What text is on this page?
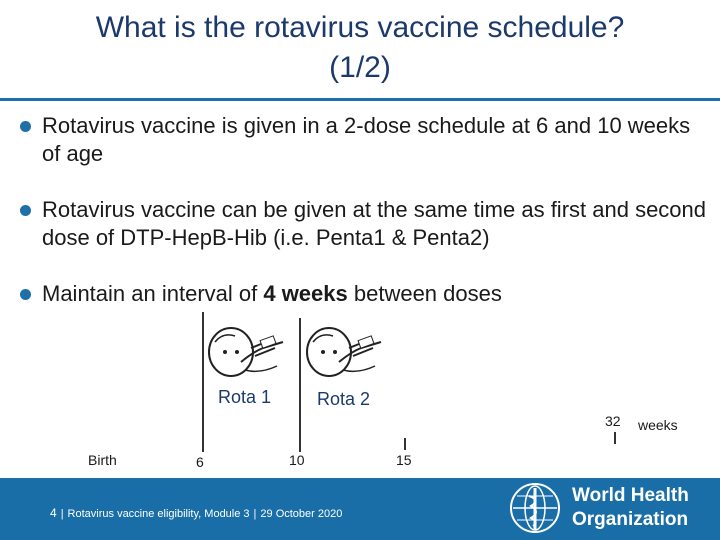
What is the rotavirus vaccine schedule?
(1/2)
Rotavirus vaccine is given in a 2-dose schedule at 6 and 10 weeks of age
Rotavirus vaccine can be given at the same time as first and second dose of DTP-HepB-Hib (i.e. Penta1 & Penta2)
Maintain an interval of 4 weeks between doses
Rota 1	Rota 2
32 weeks
Birth	6	10	15
4 | Rotavirus vaccine eligibility, Module 3 | 29 October 2020
World Health
Organization
